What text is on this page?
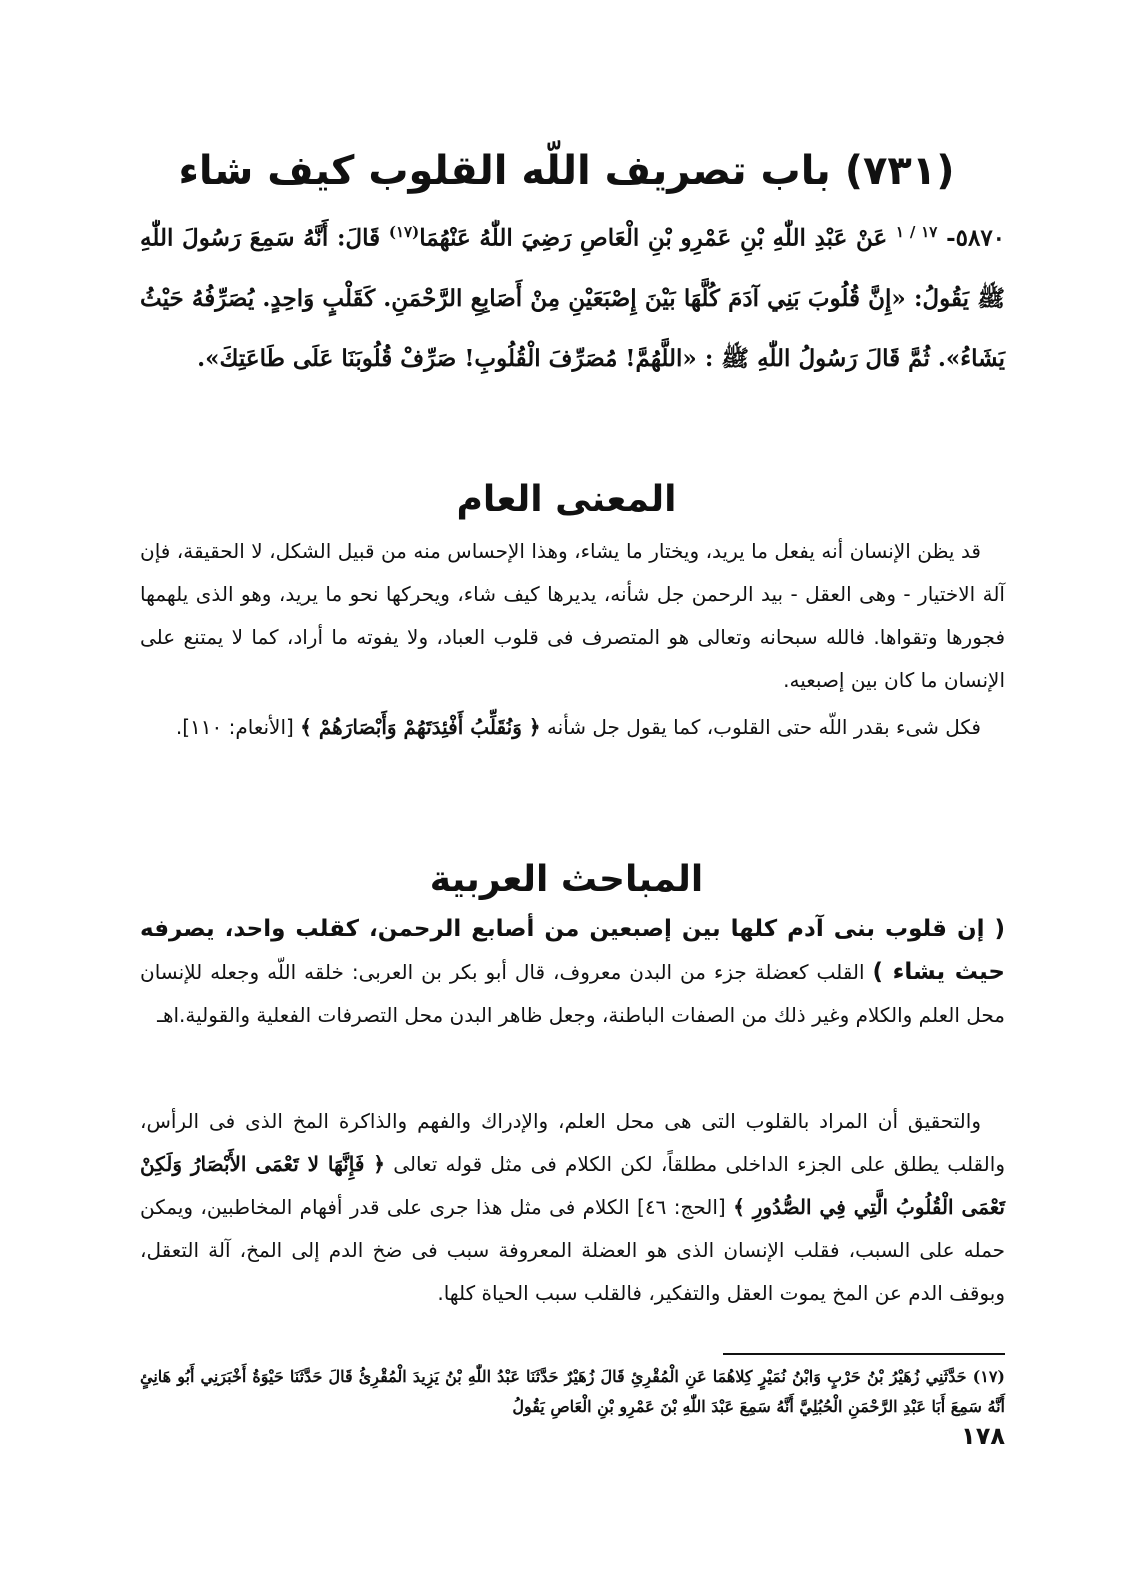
(٧٣١) باب تصريف اللّه القلوب كيف شاء
٥٨٧٠- $^{١٧ / ١}$ عَنْ عَبْدِ اللّٰهِ بْنِ عَمْرِو بْنِ الْعَاصِ رَضِيَ اللّٰهُ عَنْهُمَا$^{(١٧)}$ قَالَ: أَنَّهُ سَمِعَ رَسُولَ اللّٰهِ ﷺ يَقُولُ: «إِنَّ قُلُوبَ بَنِي آدَمَ كُلَّهَا بَيْنَ إِصْبَعَيْنِ مِنْ أَصَابِعِ الرَّحْمَنِ. كَقَلْبٍ وَاحِدٍ. يُصَرِّفُهُ حَيْثُ يَشَاءُ». ثُمَّ قَالَ رَسُولُ اللّٰهِ ﷺ : «اللَّهُمَّ! مُصَرِّفَ الْقُلُوبِ! صَرِّفْ قُلُوبَنَا عَلَى طَاعَتِكَ».
المعنى العام

قد يظن الإنسان أنه يفعل ما يريد، ويختار ما يشاء، وهذا الإحساس منه من قبيل الشكل، لا الحقيقة، فإن آلة الاختيار - وهى العقل - بيد الرحمن جل شأنه، يديرها كيف شاء، ويحركها نحو ما يريد، وهو الذى يلهمها فجورها وتقواها. فالله سبحانه وتعالى هو المتصرف فى قلوب العباد، ولا يفوته ما أراد، كما لا يمتنع على الإنسان ما كان بين إصبعيه.

فكل شىء بقدر اللّه حتى القلوب، كما يقول جل شأنه ﴿ وَنُقَلِّبُ أَفْئِدَتَهُمْ وَأَبْصَارَهُمْ ﴾ [الأنعام: ١١٠].

المباحث العربية

( إن قلوب بنى آدم كلها بين إصبعين من أصابع الرحمن، كقلب واحد، يصرفه حيث يشاء ) القلب كعضلة جزء من البدن معروف، قال أبو بكر بن العربى: خلقه اللّه وجعله للإنسان محل العلم والكلام وغير ذلك من الصفات الباطنة، وجعل ظاهر البدن محل التصرفات الفعلية والقولية.اهـ

والتحقيق أن المراد بالقلوب التى هى محل العلم، والإدراك والفهم والذاكرة المخ الذى فى الرأس، والقلب يطلق على الجزء الداخلى مطلقاً، لكن الكلام فى مثل قوله تعالى ﴿ فَإِنَّهَا لا تَعْمَى الأَبْصَارُ وَلَكِنْ تَعْمَى الْقُلُوبُ الَّتِي فِي الصُّدُورِ ﴾ [الحج: ٤٦] الكلام فى مثل هذا جرى على قدر أفهام المخاطبين، ويمكن حمله على السبب، فقلب الإنسان الذى هو العضلة المعروفة سبب فى ضخ الدم إلى المخ، آلة التعقل، وبوقف الدم عن المخ يموت العقل والتفكير، فالقلب سبب الحياة كلها.

(١٧) حَدَّثَنِي زُهَيْرُ بْنُ حَرْبٍ وَابْنُ نُمَيْرٍ كِلاهُمَا عَنِ الْمُقْرِئِ قَالَ زُهَيْرٌ حَدَّثَنَا عَبْدُ اللّٰهِ بْنُ يَزِيدَ الْمُقْرِئُ قَالَ حَدَّثَنَا حَيْوَةُ أَخْبَرَنِي أَبُو هَانِئٍ أَنَّهُ سَمِعَ أَبَا عَبْدِ الرَّحْمَنِ الْحُبُلِيَّ أَنَّهُ سَمِعَ عَبْدَ اللّٰهِ بْنَ عَمْرِو بْنِ الْعَاصِ يَقُولُ
١٧٨
